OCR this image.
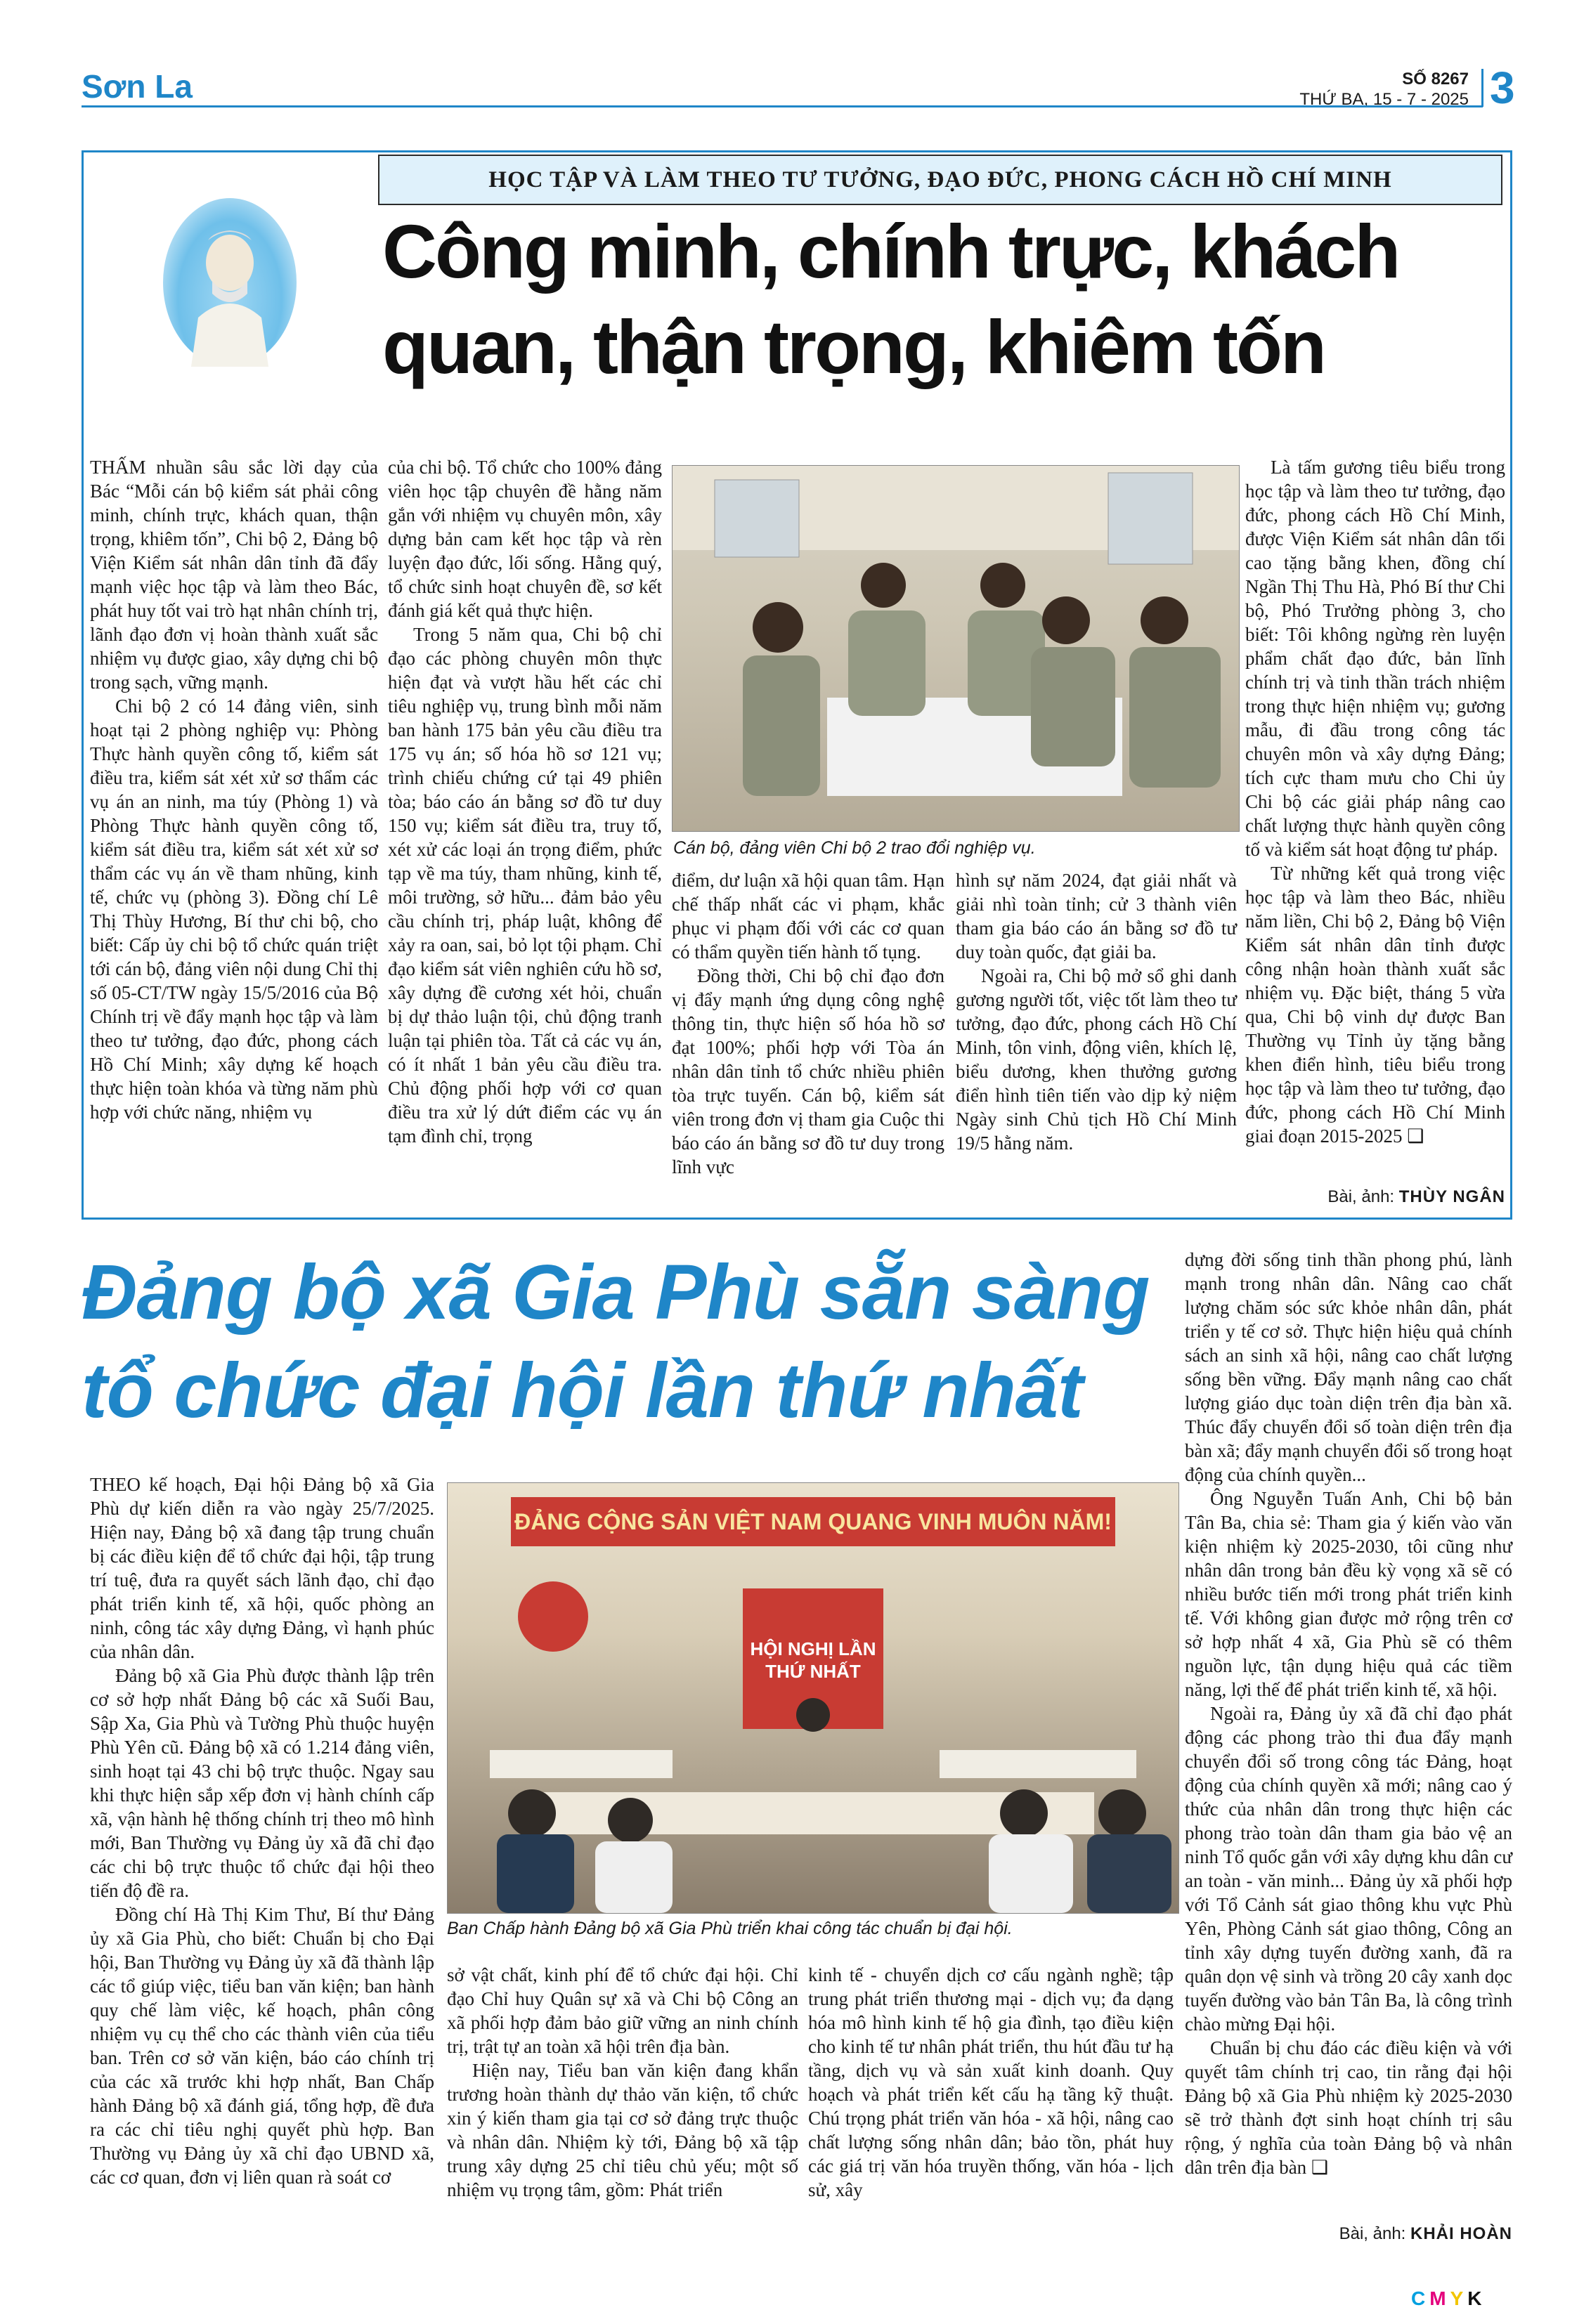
Sơn La	SỐ 8267
THỨ BA, 15 - 7 - 2025 3
HỌC TẬP VÀ LÀM THEO TƯ TƯỞNG, ĐẠO ĐỨC, PHONG CÁCH HỒ CHÍ MINH
Công minh, chính trực, khách quan, thận trọng, khiêm tốn

THẤM nhuần sâu sắc lời dạy của Bác “Mỗi cán bộ kiểm sát phải công minh, chính trực, khách quan, thận trọng, khiêm tốn”, Chi bộ 2, Đảng bộ Viện Kiểm sát nhân dân tỉnh đã đẩy mạnh việc học tập và làm theo Bác, phát huy tốt vai trò hạt nhân chính trị, lãnh đạo đơn vị hoàn thành xuất sắc nhiệm vụ được giao, xây dựng chi bộ trong sạch, vững mạnh.

Chi bộ 2 có 14 đảng viên, sinh hoạt tại 2 phòng nghiệp vụ: Phòng Thực hành quyền công tố, kiểm sát điều tra, kiểm sát xét xử sơ thẩm các vụ án an ninh, ma túy (Phòng 1) và Phòng Thực hành quyền công tố, kiểm sát điều tra, kiểm sát xét xử sơ thẩm các vụ án về tham nhũng, kinh tế, chức vụ (phòng 3). Đồng chí Lê Thị Thùy Hương, Bí thư chi bộ, cho biết: Cấp ủy chi bộ tổ chức quán triệt tới cán bộ, đảng viên nội dung Chỉ thị số 05-CT/TW ngày 15/5/2016 của Bộ Chính trị về đẩy mạnh học tập và làm theo tư tưởng, đạo đức, phong cách Hồ Chí Minh; xây dựng kế hoạch thực hiện toàn khóa và từng năm phù hợp với chức năng, nhiệm vụ

của chi bộ. Tổ chức cho 100% đảng viên học tập chuyên đề hằng năm gắn với nhiệm vụ chuyên môn, xây dựng bản cam kết học tập và rèn luyện đạo đức, lối sống. Hằng quý, tổ chức sinh hoạt chuyên đề, sơ kết đánh giá kết quả thực hiện.

Trong 5 năm qua, Chi bộ chỉ đạo các phòng chuyên môn thực hiện đạt và vượt hầu hết các chỉ tiêu nghiệp vụ, trung bình mỗi năm ban hành 175 bản yêu cầu điều tra 175 vụ án; số hóa hồ sơ 121 vụ; trình chiếu chứng cứ tại 49 phiên tòa; báo cáo án bằng sơ đồ tư duy 150 vụ; kiểm sát điều tra, truy tố, xét xử các loại án trọng điểm, phức tạp về ma túy, tham nhũng, kinh tế, môi trường, sở hữu... đảm bảo yêu cầu chính trị, pháp luật, không để xảy ra oan, sai, bỏ lọt tội phạm. Chỉ đạo kiểm sát viên nghiên cứu hồ sơ, xây dựng đề cương xét hỏi, chuẩn bị dự thảo luận tội, chủ động tranh luận tại phiên tòa. Tất cả các vụ án, có ít nhất 1 bản yêu cầu điều tra. Chủ động phối hợp với cơ quan điều tra xử lý dứt điểm các vụ án tạm đình chỉ, trọng

Cán bộ, đảng viên Chi bộ 2 trao đổi nghiệp vụ.

điểm, dư luận xã hội quan tâm. Hạn chế thấp nhất các vi phạm, khắc phục vi phạm đối với các cơ quan có thẩm quyền tiến hành tố tụng.

Đồng thời, Chi bộ chỉ đạo đơn vị đẩy mạnh ứng dụng công nghệ thông tin, thực hiện số hóa hồ sơ đạt 100%; phối hợp với Tòa án nhân dân tỉnh tổ chức nhiều phiên tòa trực tuyến. Cán bộ, kiểm sát viên trong đơn vị tham gia Cuộc thi báo cáo án bằng sơ đồ tư duy trong lĩnh vực

hình sự năm 2024, đạt giải nhất và giải nhì toàn tỉnh; cử 3 thành viên tham gia báo cáo án bằng sơ đồ tư duy toàn quốc, đạt giải ba.

Ngoài ra, Chi bộ mở sổ ghi danh gương người tốt, việc tốt làm theo tư tưởng, đạo đức, phong cách Hồ Chí Minh, tôn vinh, động viên, khích lệ, biểu dương, khen thưởng gương điển hình tiên tiến vào dịp kỷ niệm Ngày sinh Chủ tịch Hồ Chí Minh 19/5 hằng năm.

Là tấm gương tiêu biểu trong học tập và làm theo tư tưởng, đạo đức, phong cách Hồ Chí Minh, được Viện Kiểm sát nhân dân tối cao tặng bằng khen, đồng chí Ngần Thị Thu Hà, Phó Bí thư Chi bộ, Phó Trưởng phòng 3, cho biết: Tôi không ngừng rèn luyện phẩm chất đạo đức, bản lĩnh chính trị và tinh thần trách nhiệm trong thực hiện nhiệm vụ; gương mẫu, đi đầu trong công tác chuyên môn và xây dựng Đảng; tích cực tham mưu cho Chi ủy Chi bộ các giải pháp nâng cao chất lượng thực hành quyền công tố và kiểm sát hoạt động tư pháp.

Từ những kết quả trong việc học tập và làm theo Bác, nhiều năm liền, Chi bộ 2, Đảng bộ Viện Kiểm sát nhân dân tỉnh được công nhận hoàn thành xuất sắc nhiệm vụ. Đặc biệt, tháng 5 vừa qua, Chi bộ vinh dự được Ban Thường vụ Tỉnh ủy tặng bằng khen điển hình, tiêu biểu trong học tập và làm theo tư tưởng, đạo đức, phong cách Hồ Chí Minh giai đoạn 2015-2025 ❑

Bài, ảnh: THÙY NGÂN
Đảng bộ xã Gia Phù sẵn sàng tổ chức đại hội lần thứ nhất

THEO kế hoạch, Đại hội Đảng bộ xã Gia Phù dự kiến diễn ra vào ngày 25/7/2025. Hiện nay, Đảng bộ xã đang tập trung chuẩn bị các điều kiện để tổ chức đại hội, tập trung trí tuệ, đưa ra quyết sách lãnh đạo, chỉ đạo phát triển kinh tế, xã hội, quốc phòng an ninh, công tác xây dựng Đảng, vì hạnh phúc của nhân dân.

Đảng bộ xã Gia Phù được thành lập trên cơ sở hợp nhất Đảng bộ các xã Suối Bau, Sập Xa, Gia Phù và Tường Phù thuộc huyện Phù Yên cũ. Đảng bộ xã có 1.214 đảng viên, sinh hoạt tại 43 chi bộ trực thuộc. Ngay sau khi thực hiện sắp xếp đơn vị hành chính cấp xã, vận hành hệ thống chính trị theo mô hình mới, Ban Thường vụ Đảng ủy xã đã chỉ đạo các chi bộ trực thuộc tổ chức đại hội theo tiến độ đề ra.

Đồng chí Hà Thị Kim Thư, Bí thư Đảng ủy xã Gia Phù, cho biết: Chuẩn bị cho Đại hội, Ban Thường vụ Đảng ủy xã đã thành lập các tổ giúp việc, tiểu ban văn kiện; ban hành quy chế làm việc, kế hoạch, phân công nhiệm vụ cụ thể cho các thành viên của tiểu ban. Trên cơ sở văn kiện, báo cáo chính trị của các xã trước khi hợp nhất, Ban Chấp hành Đảng bộ xã đánh giá, tổng hợp, đề đưa ra các chỉ tiêu nghị quyết phù hợp. Ban Thường vụ Đảng ủy xã chỉ đạo UBND xã, các cơ quan, đơn vị liên quan rà soát cơ

ĐẢNG CỘNG SẢN VIỆT NAM QUANG VINH MUÔN NĂM!
HỘI NGHỊ LẦN THỨ NHẤT
Ban Chấp hành Đảng bộ xã Gia Phù triển khai công tác chuẩn bị đại hội.

sở vật chất, kinh phí để tổ chức đại hội. Chỉ đạo Chỉ huy Quân sự xã và Chi bộ Công an xã phối hợp đảm bảo giữ vững an ninh chính trị, trật tự an toàn xã hội trên địa bàn.

Hiện nay, Tiểu ban văn kiện đang khẩn trương hoàn thành dự thảo văn kiện, tổ chức xin ý kiến tham gia tại cơ sở đảng trực thuộc và nhân dân. Nhiệm kỳ tới, Đảng bộ xã tập trung xây dựng 25 chỉ tiêu chủ yếu; một số nhiệm vụ trọng tâm, gồm: Phát triển

kinh tế - chuyển dịch cơ cấu ngành nghề; tập trung phát triển thương mại - dịch vụ; đa dạng hóa mô hình kinh tế hộ gia đình, tạo điều kiện cho kinh tế tư nhân phát triển, thu hút đầu tư hạ tầng, dịch vụ và sản xuất kinh doanh. Quy hoạch và phát triển kết cấu hạ tầng kỹ thuật. Chú trọng phát triển văn hóa - xã hội, nâng cao chất lượng sống nhân dân; bảo tồn, phát huy các giá trị văn hóa truyền thống, văn hóa - lịch sử, xây

dựng đời sống tinh thần phong phú, lành mạnh trong nhân dân. Nâng cao chất lượng chăm sóc sức khỏe nhân dân, phát triển y tế cơ sở. Thực hiện hiệu quả chính sách an sinh xã hội, nâng cao chất lượng sống bền vững. Đẩy mạnh nâng cao chất lượng giáo dục toàn diện trên địa bàn xã. Thúc đẩy chuyển đổi số toàn diện trên địa bàn xã; đẩy mạnh chuyển đổi số trong hoạt động của chính quyền...

Ông Nguyễn Tuấn Anh, Chi bộ bản Tân Ba, chia sẻ: Tham gia ý kiến vào văn kiện nhiệm kỳ 2025-2030, tôi cũng như nhân dân trong bản đều kỳ vọng xã sẽ có nhiều bước tiến mới trong phát triển kinh tế. Với không gian được mở rộng trên cơ sở hợp nhất 4 xã, Gia Phù sẽ có thêm nguồn lực, tận dụng hiệu quả các tiềm năng, lợi thế để phát triển kinh tế, xã hội.

Ngoài ra, Đảng ủy xã đã chỉ đạo phát động các phong trào thi đua đẩy mạnh chuyển đổi số trong công tác Đảng, hoạt động của chính quyền xã mới; nâng cao ý thức của nhân dân trong thực hiện các phong trào toàn dân tham gia bảo vệ an ninh Tổ quốc gắn với xây dựng khu dân cư an toàn - văn minh... Đảng ủy xã phối hợp với Tổ Cảnh sát giao thông khu vực Phù Yên, Phòng Cảnh sát giao thông, Công an tỉnh xây dựng tuyến đường xanh, đã ra quân dọn vệ sinh và trồng 20 cây xanh dọc tuyến đường vào bản Tân Ba, là công trình chào mừng Đại hội.

Chuẩn bị chu đáo các điều kiện và với quyết tâm chính trị cao, tin rằng đại hội Đảng bộ xã Gia Phù nhiệm kỳ 2025-2030 sẽ trở thành đợt sinh hoạt chính trị sâu rộng, ý nghĩa của toàn Đảng bộ và nhân dân trên địa bàn ❑

Bài, ảnh: KHẢI HOÀN
CMYK
